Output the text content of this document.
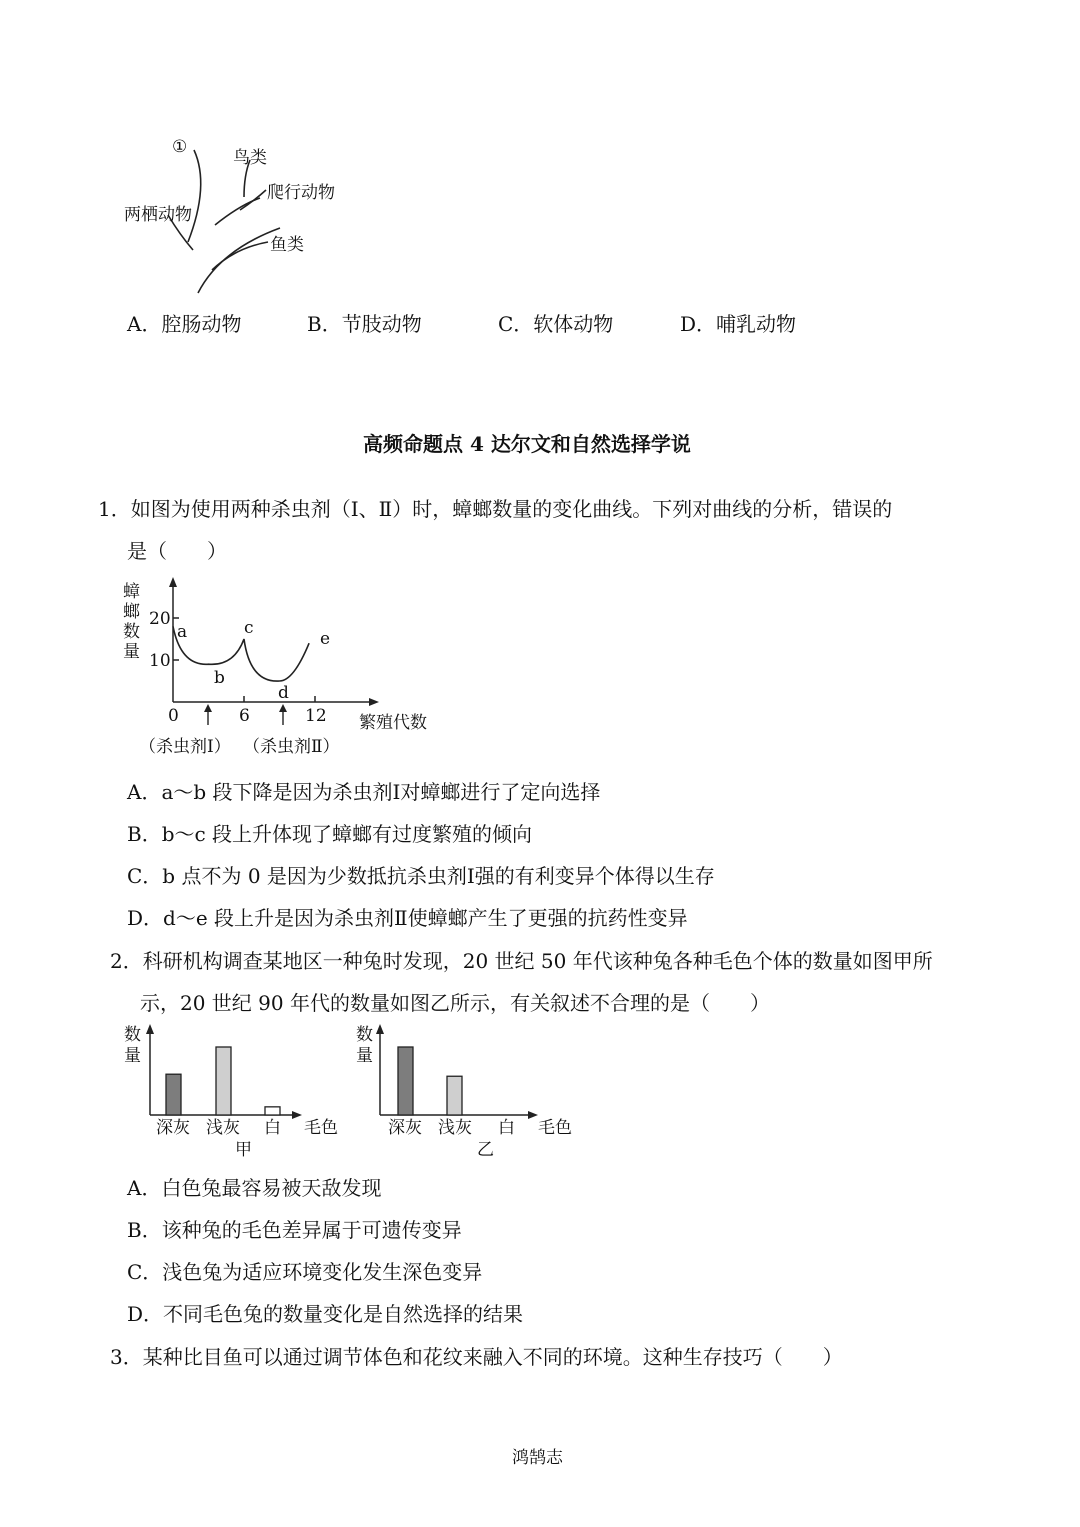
①
鸟类
爬行动物
两栖动物
鱼类
A．腔肠动物	B．节肢动物	C．软体动物	D．哺乳动物
高频命题点 4 达尔文和自然选择学说
1．如图为使用两种杀虫剂（Ⅰ、Ⅱ）时，蟑螂数量的变化曲线。下列对曲线的分析，错误的
是（　　）
蟑
螂
数
量
20
10
0	6	12 繁殖代数
a
b
c
d
e
（杀虫剂Ⅰ） （杀虫剂Ⅱ）
A．a～b 段下降是因为杀虫剂Ⅰ对蟑螂进行了定向选择
B．b～c 段上升体现了蟑螂有过度繁殖的倾向
C．b 点不为 0 是因为少数抵抗杀虫剂Ⅰ强的有利变异个体得以生存
D．d～e 段上升是因为杀虫剂Ⅱ使蟑螂产生了更强的抗药性变异
2．科研机构调查某地区一种兔时发现，20 世纪 50 年代该种兔各种毛色个体的数量如图甲所
示，20 世纪 90 年代的数量如图乙所示，有关叙述不合理的是（　　）
数
量
深灰 浅灰 白 毛色
甲
数
量
深灰 浅灰 白 毛色
乙
A．白色兔最容易被天敌发现
B．该种兔的毛色差异属于可遗传变异
C．浅色兔为适应环境变化发生深色变异
D．不同毛色兔的数量变化是自然选择的结果
3．某种比目鱼可以通过调节体色和花纹来融入不同的环境。这种生存技巧（　　）
鸿鹄志
